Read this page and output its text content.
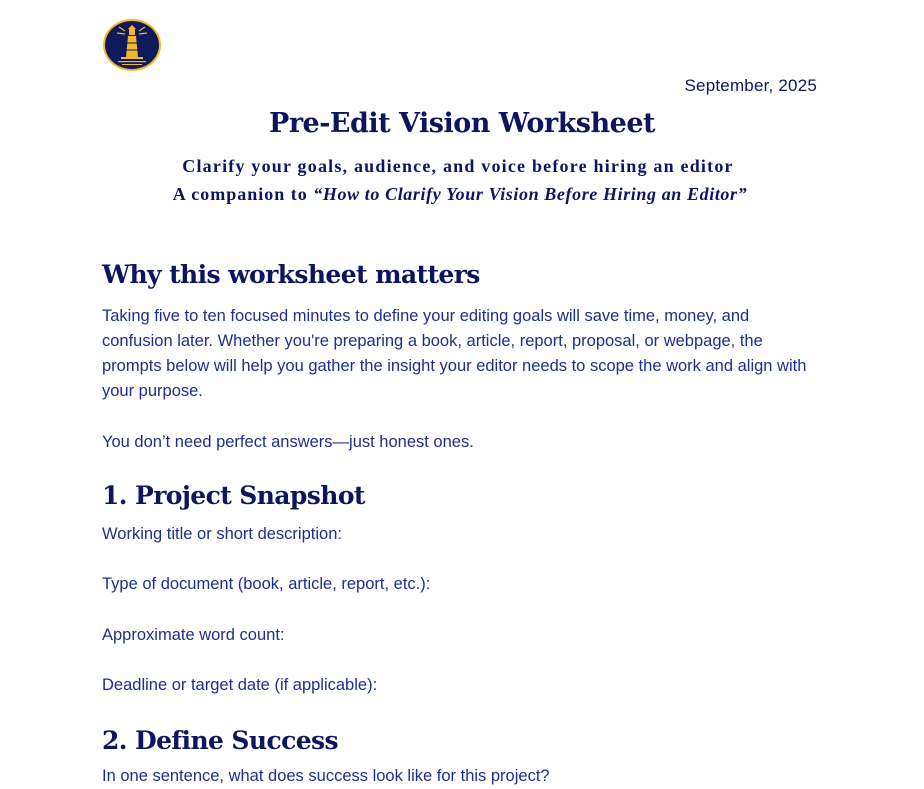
September, 2025
Pre-Edit Vision Worksheet
Clarify your goals, audience, and voice before hiring an editor
A companion to “How to Clarify Your Vision Before Hiring an Editor”
Why this worksheet matters

Taking five to ten focused minutes to define your editing goals will save time, money, and confusion later. Whether you're preparing a book, article, report, proposal, or webpage, the prompts below will help you gather the insight your editor needs to scope the work and align with your purpose.

You don’t need perfect answers—just honest ones.

1. Project Snapshot

Working title or short description:

Type of document (book, article, report, etc.):

Approximate word count:

Deadline or target date (if applicable):

2. Define Success
In one sentence, what does success look like for this project?
